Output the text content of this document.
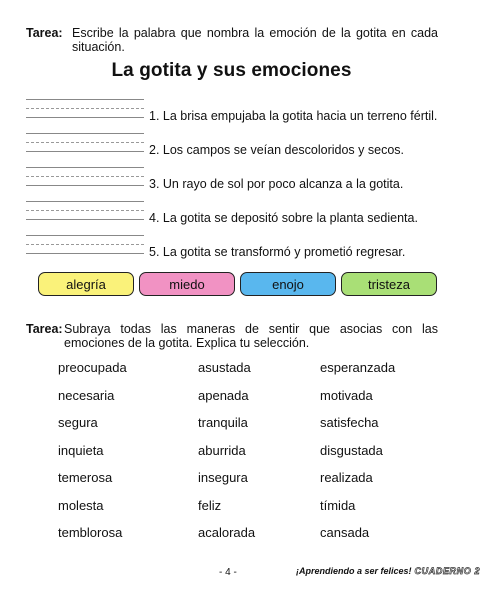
Tarea: Escribe la palabra que nombra la emoción de la gotita en cada situación.
La gotita y sus emociones
1. La brisa empujaba la gotita hacia un terreno fértil.
2. Los campos se veían descoloridos y secos.
3. Un rayo de sol por poco alcanza a la gotita.
4. La gotita se depositó sobre la planta sedienta.
5. La gotita se transformó y prometió regresar.
alegría	miedo	enojo	tristeza
Tarea: Subraya todas las maneras de sentir que asocias con las emociones de la gotita. Explica tu selección.
preocupada	asustada	esperanzada
necesaria	apenada	motivada
segura	tranquila	satisfecha
inquieta	aburrida	disgustada
temerosa	insegura	realizada
molesta	feliz	tímida
temblorosa	acalorada	cansada
- 4 -	¡Aprendiendo a ser felices! CUADERNO 2
